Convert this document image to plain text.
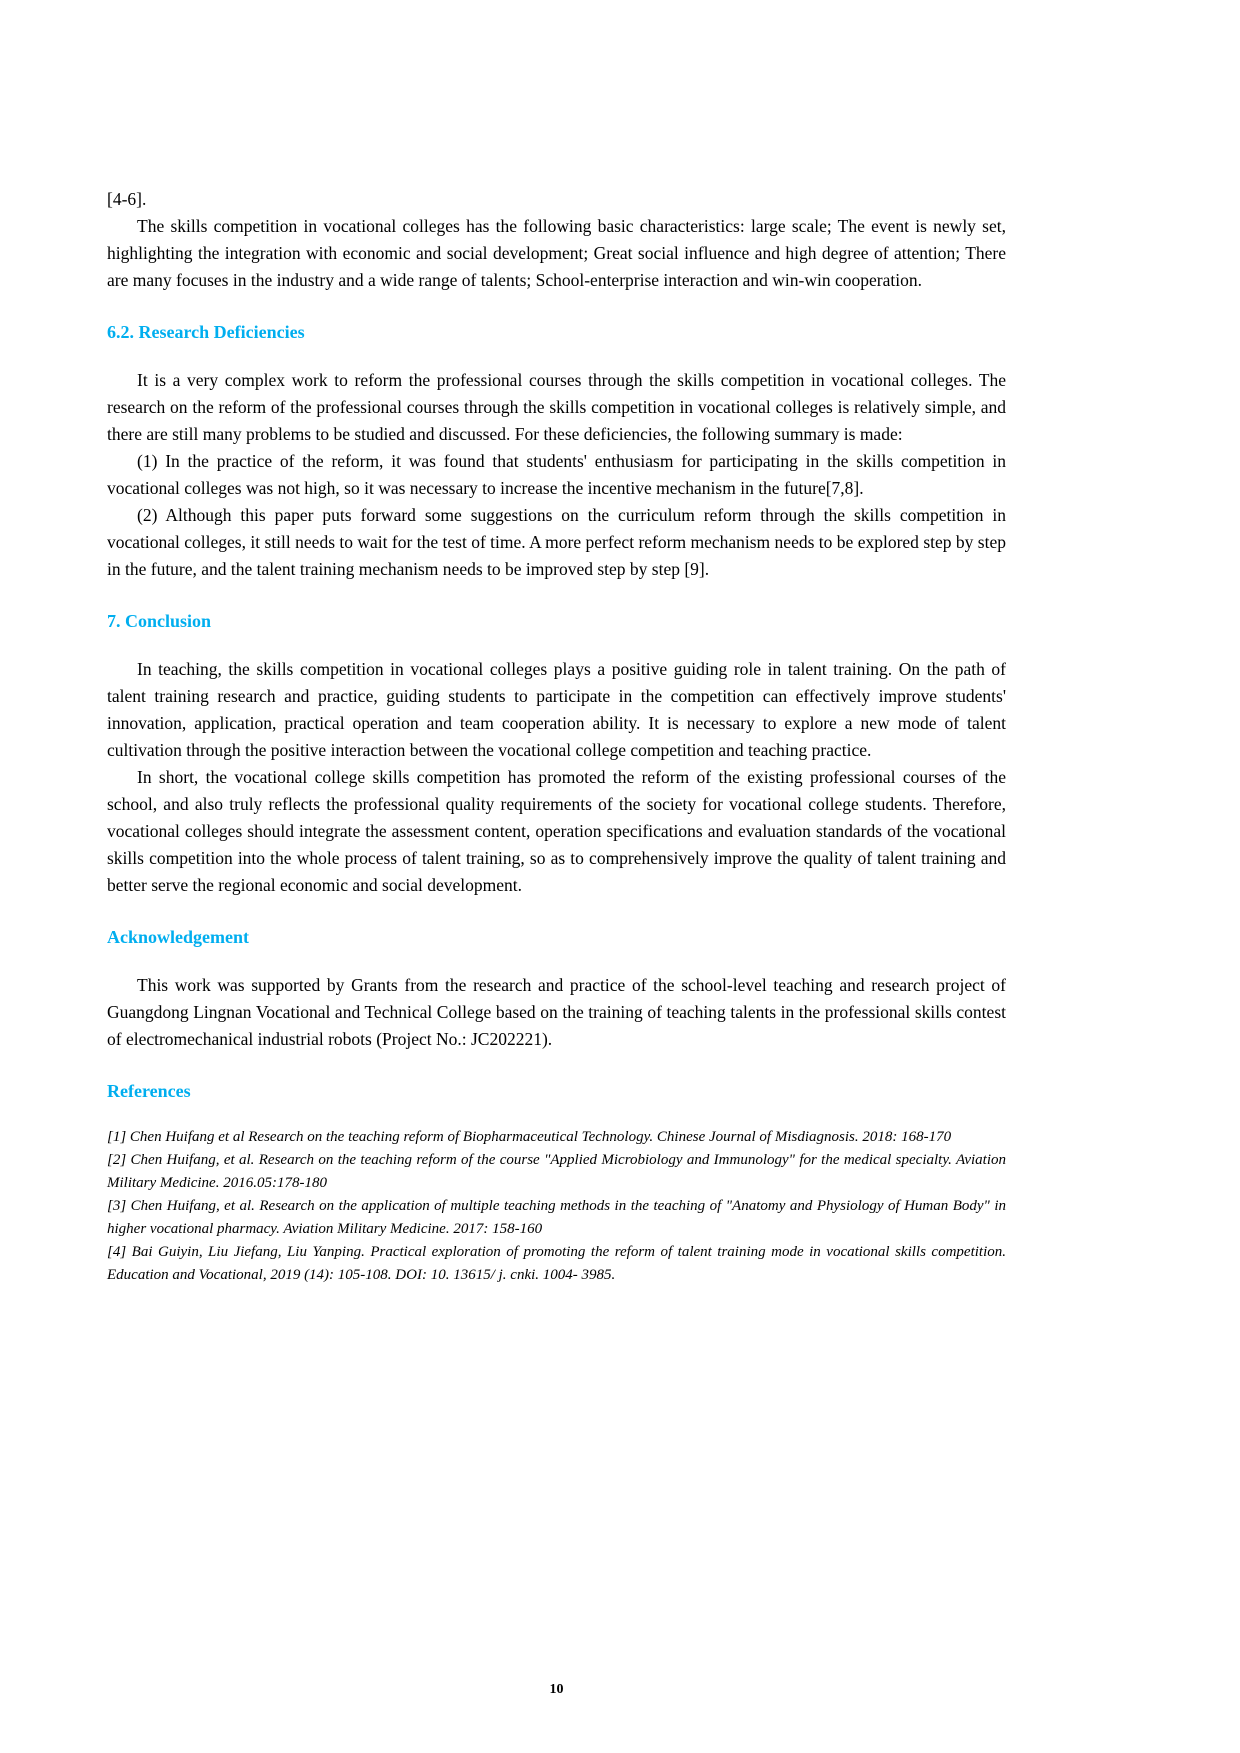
[4-6].

The skills competition in vocational colleges has the following basic characteristics: large scale; The event is newly set, highlighting the integration with economic and social development; Great social influence and high degree of attention; There are many focuses in the industry and a wide range of talents; School-enterprise interaction and win-win cooperation.

6.2. Research Deficiencies

It is a very complex work to reform the professional courses through the skills competition in vocational colleges. The research on the reform of the professional courses through the skills competition in vocational colleges is relatively simple, and there are still many problems to be studied and discussed. For these deficiencies, the following summary is made:

(1) In the practice of the reform, it was found that students' enthusiasm for participating in the skills competition in vocational colleges was not high, so it was necessary to increase the incentive mechanism in the future[7,8].

(2) Although this paper puts forward some suggestions on the curriculum reform through the skills competition in vocational colleges, it still needs to wait for the test of time. A more perfect reform mechanism needs to be explored step by step in the future, and the talent training mechanism needs to be improved step by step [9].

7. Conclusion

In teaching, the skills competition in vocational colleges plays a positive guiding role in talent training. On the path of talent training research and practice, guiding students to participate in the competition can effectively improve students' innovation, application, practical operation and team cooperation ability. It is necessary to explore a new mode of talent cultivation through the positive interaction between the vocational college competition and teaching practice.

In short, the vocational college skills competition has promoted the reform of the existing professional courses of the school, and also truly reflects the professional quality requirements of the society for vocational college students. Therefore, vocational colleges should integrate the assessment content, operation specifications and evaluation standards of the vocational skills competition into the whole process of talent training, so as to comprehensively improve the quality of talent training and better serve the regional economic and social development.

Acknowledgement

This work was supported by Grants from the research and practice of the school-level teaching and research project of Guangdong Lingnan Vocational and Technical College based on the training of teaching talents in the professional skills contest of electromechanical industrial robots (Project No.: JC202221).

References

[1] Chen Huifang et al Research on the teaching reform of Biopharmaceutical Technology. Chinese Journal of Misdiagnosis. 2018: 168-170

[2] Chen Huifang, et al. Research on the teaching reform of the course "Applied Microbiology and Immunology" for the medical specialty. Aviation Military Medicine. 2016.05:178-180

[3] Chen Huifang, et al. Research on the application of multiple teaching methods in the teaching of "Anatomy and Physiology of Human Body" in higher vocational pharmacy. Aviation Military Medicine. 2017: 158-160

[4] Bai Guiyin, Liu Jiefang, Liu Yanping. Practical exploration of promoting the reform of talent training mode in vocational skills competition. Education and Vocational, 2019 (14): 105-108. DOI: 10. 13615/ j. cnki. 1004- 3985.

10
